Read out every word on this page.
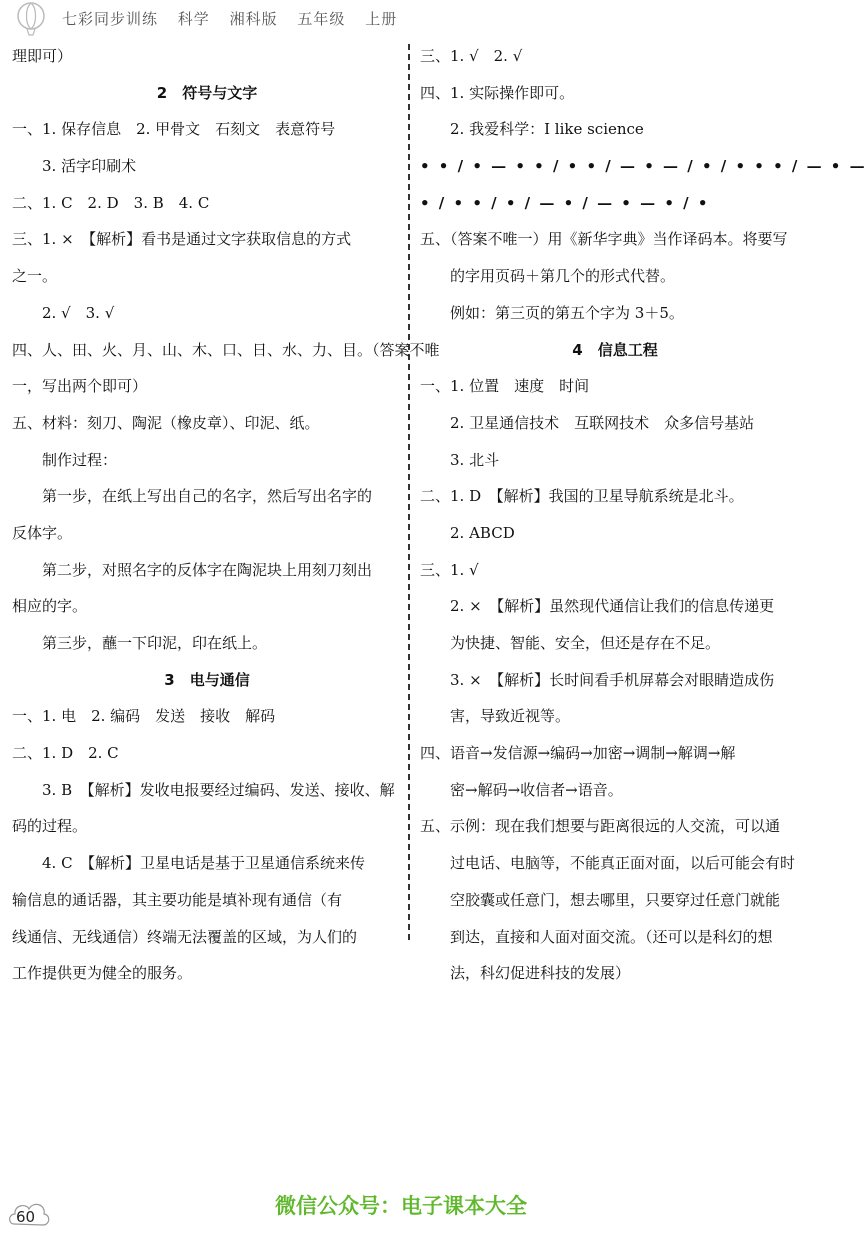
七彩同步训练 科学 湘科版 五年级 上册
理即可）
2　符号与文字
一、1. 保存信息　2. 甲骨文　石刻文　表意符号
3. 活字印刷术
二、1. C　2. D　3. B　4. C
三、1. ×　【解析】看书是通过文字获取信息的方式
之一。
2. √　3. √
四、人、田、火、月、山、木、口、日、水、力、目。（答案不唯
一，写出两个即可）
五、材料：刻刀、陶泥（橡皮章）、印泥、纸。
制作过程：
第一步，在纸上写出自己的名字，然后写出名字的
反体字。
第二步，对照名字的反体字在陶泥块上用刻刀刻出
相应的字。
第三步，蘸一下印泥，印在纸上。
3　电与通信
一、1. 电　2. 编码　发送　接收　解码
二、1. D　2. C
3. B　【解析】发收电报要经过编码、发送、接收、解
码的过程。
4. C　【解析】卫星电话是基于卫星通信系统来传
输信息的通话器，其主要功能是填补现有通信（有
线通信、无线通信）终端无法覆盖的区域，为人们的
工作提供更为健全的服务。
三、1. √　2. √
四、1. 实际操作即可。
2. 我爱科学：I like science
• • / • — • • / • • / — • — / • / • • • / — • —
• / • • / • / — • / — • — • / •
五、（答案不唯一）用《新华字典》当作译码本。将要写
的字用页码＋第几个的形式代替。
例如：第三页的第五个字为 3＋5。
4　信息工程
一、1. 位置　速度　时间
2. 卫星通信技术　互联网技术　众多信号基站
3. 北斗
二、1. D　【解析】我国的卫星导航系统是北斗。
2. ABCD
三、1. √
2. ×　【解析】虽然现代通信让我们的信息传递更
为快捷、智能、安全，但还是存在不足。
3. ×　【解析】长时间看手机屏幕会对眼睛造成伤
害，导致近视等。
四、语音→发信源→编码→加密→调制→解调→解
密→解码→收信者→语音。
五、示例：现在我们想要与距离很远的人交流，可以通
过电话、电脑等，不能真正面对面，以后可能会有时
空胶囊或任意门，想去哪里，只要穿过任意门就能
到达，直接和人面对面交流。（还可以是科幻的想
法，科幻促进科技的发展）
60	微信公众号：电子课本大全
